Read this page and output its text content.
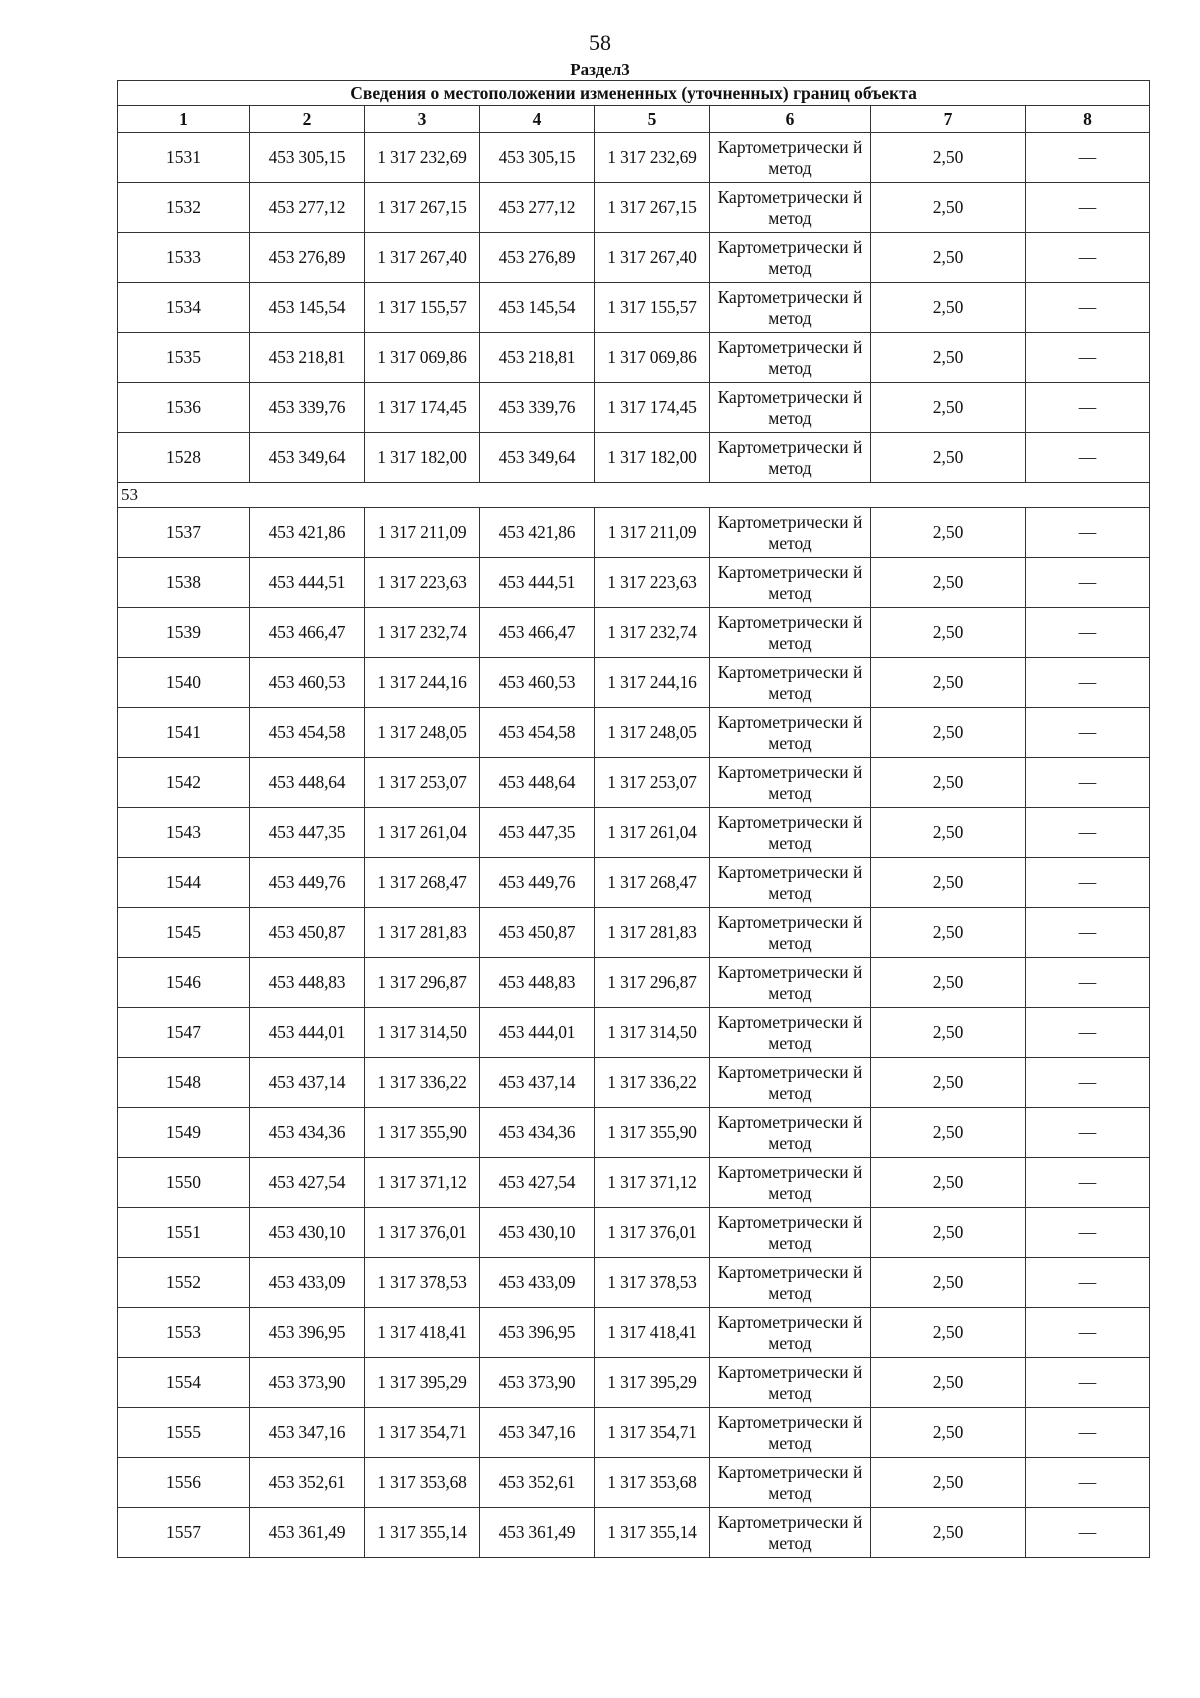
58
Раздел3
Сведения о местоположении измененных (уточненных) границ объекта							
1	2	3	4	5	6	7	8
1531	453 305,15	1 317 232,69	453 305,15	1 317 232,69	Картометрически й метод	2,50	—
1532	453 277,12	1 317 267,15	453 277,12	1 317 267,15	Картометрически й метод	2,50	—
1533	453 276,89	1 317 267,40	453 276,89	1 317 267,40	Картометрически й метод	2,50	—
1534	453 145,54	1 317 155,57	453 145,54	1 317 155,57	Картометрически й метод	2,50	—
1535	453 218,81	1 317 069,86	453 218,81	1 317 069,86	Картометрически й метод	2,50	—
1536	453 339,76	1 317 174,45	453 339,76	1 317 174,45	Картометрически й метод	2,50	—
1528	453 349,64	1 317 182,00	453 349,64	1 317 182,00	Картометрически й метод	2,50	—
53							
1537	453 421,86	1 317 211,09	453 421,86	1 317 211,09	Картометрически й метод	2,50	—
1538	453 444,51	1 317 223,63	453 444,51	1 317 223,63	Картометрически й метод	2,50	—
1539	453 466,47	1 317 232,74	453 466,47	1 317 232,74	Картометрически й метод	2,50	—
1540	453 460,53	1 317 244,16	453 460,53	1 317 244,16	Картометрически й метод	2,50	—
1541	453 454,58	1 317 248,05	453 454,58	1 317 248,05	Картометрически й метод	2,50	—
1542	453 448,64	1 317 253,07	453 448,64	1 317 253,07	Картометрически й метод	2,50	—
1543	453 447,35	1 317 261,04	453 447,35	1 317 261,04	Картометрически й метод	2,50	—
1544	453 449,76	1 317 268,47	453 449,76	1 317 268,47	Картометрически й метод	2,50	—
1545	453 450,87	1 317 281,83	453 450,87	1 317 281,83	Картометрически й метод	2,50	—
1546	453 448,83	1 317 296,87	453 448,83	1 317 296,87	Картометрически й метод	2,50	—
1547	453 444,01	1 317 314,50	453 444,01	1 317 314,50	Картометрически й метод	2,50	—
1548	453 437,14	1 317 336,22	453 437,14	1 317 336,22	Картометрически й метод	2,50	—
1549	453 434,36	1 317 355,90	453 434,36	1 317 355,90	Картометрически й метод	2,50	—
1550	453 427,54	1 317 371,12	453 427,54	1 317 371,12	Картометрически й метод	2,50	—
1551	453 430,10	1 317 376,01	453 430,10	1 317 376,01	Картометрически й метод	2,50	—
1552	453 433,09	1 317 378,53	453 433,09	1 317 378,53	Картометрически й метод	2,50	—
1553	453 396,95	1 317 418,41	453 396,95	1 317 418,41	Картометрически й метод	2,50	—
1554	453 373,90	1 317 395,29	453 373,90	1 317 395,29	Картометрически й метод	2,50	—
1555	453 347,16	1 317 354,71	453 347,16	1 317 354,71	Картометрически й метод	2,50	—
1556	453 352,61	1 317 353,68	453 352,61	1 317 353,68	Картометрически й метод	2,50	—
1557	453 361,49	1 317 355,14	453 361,49	1 317 355,14	Картометрически й метод	2,50	—
